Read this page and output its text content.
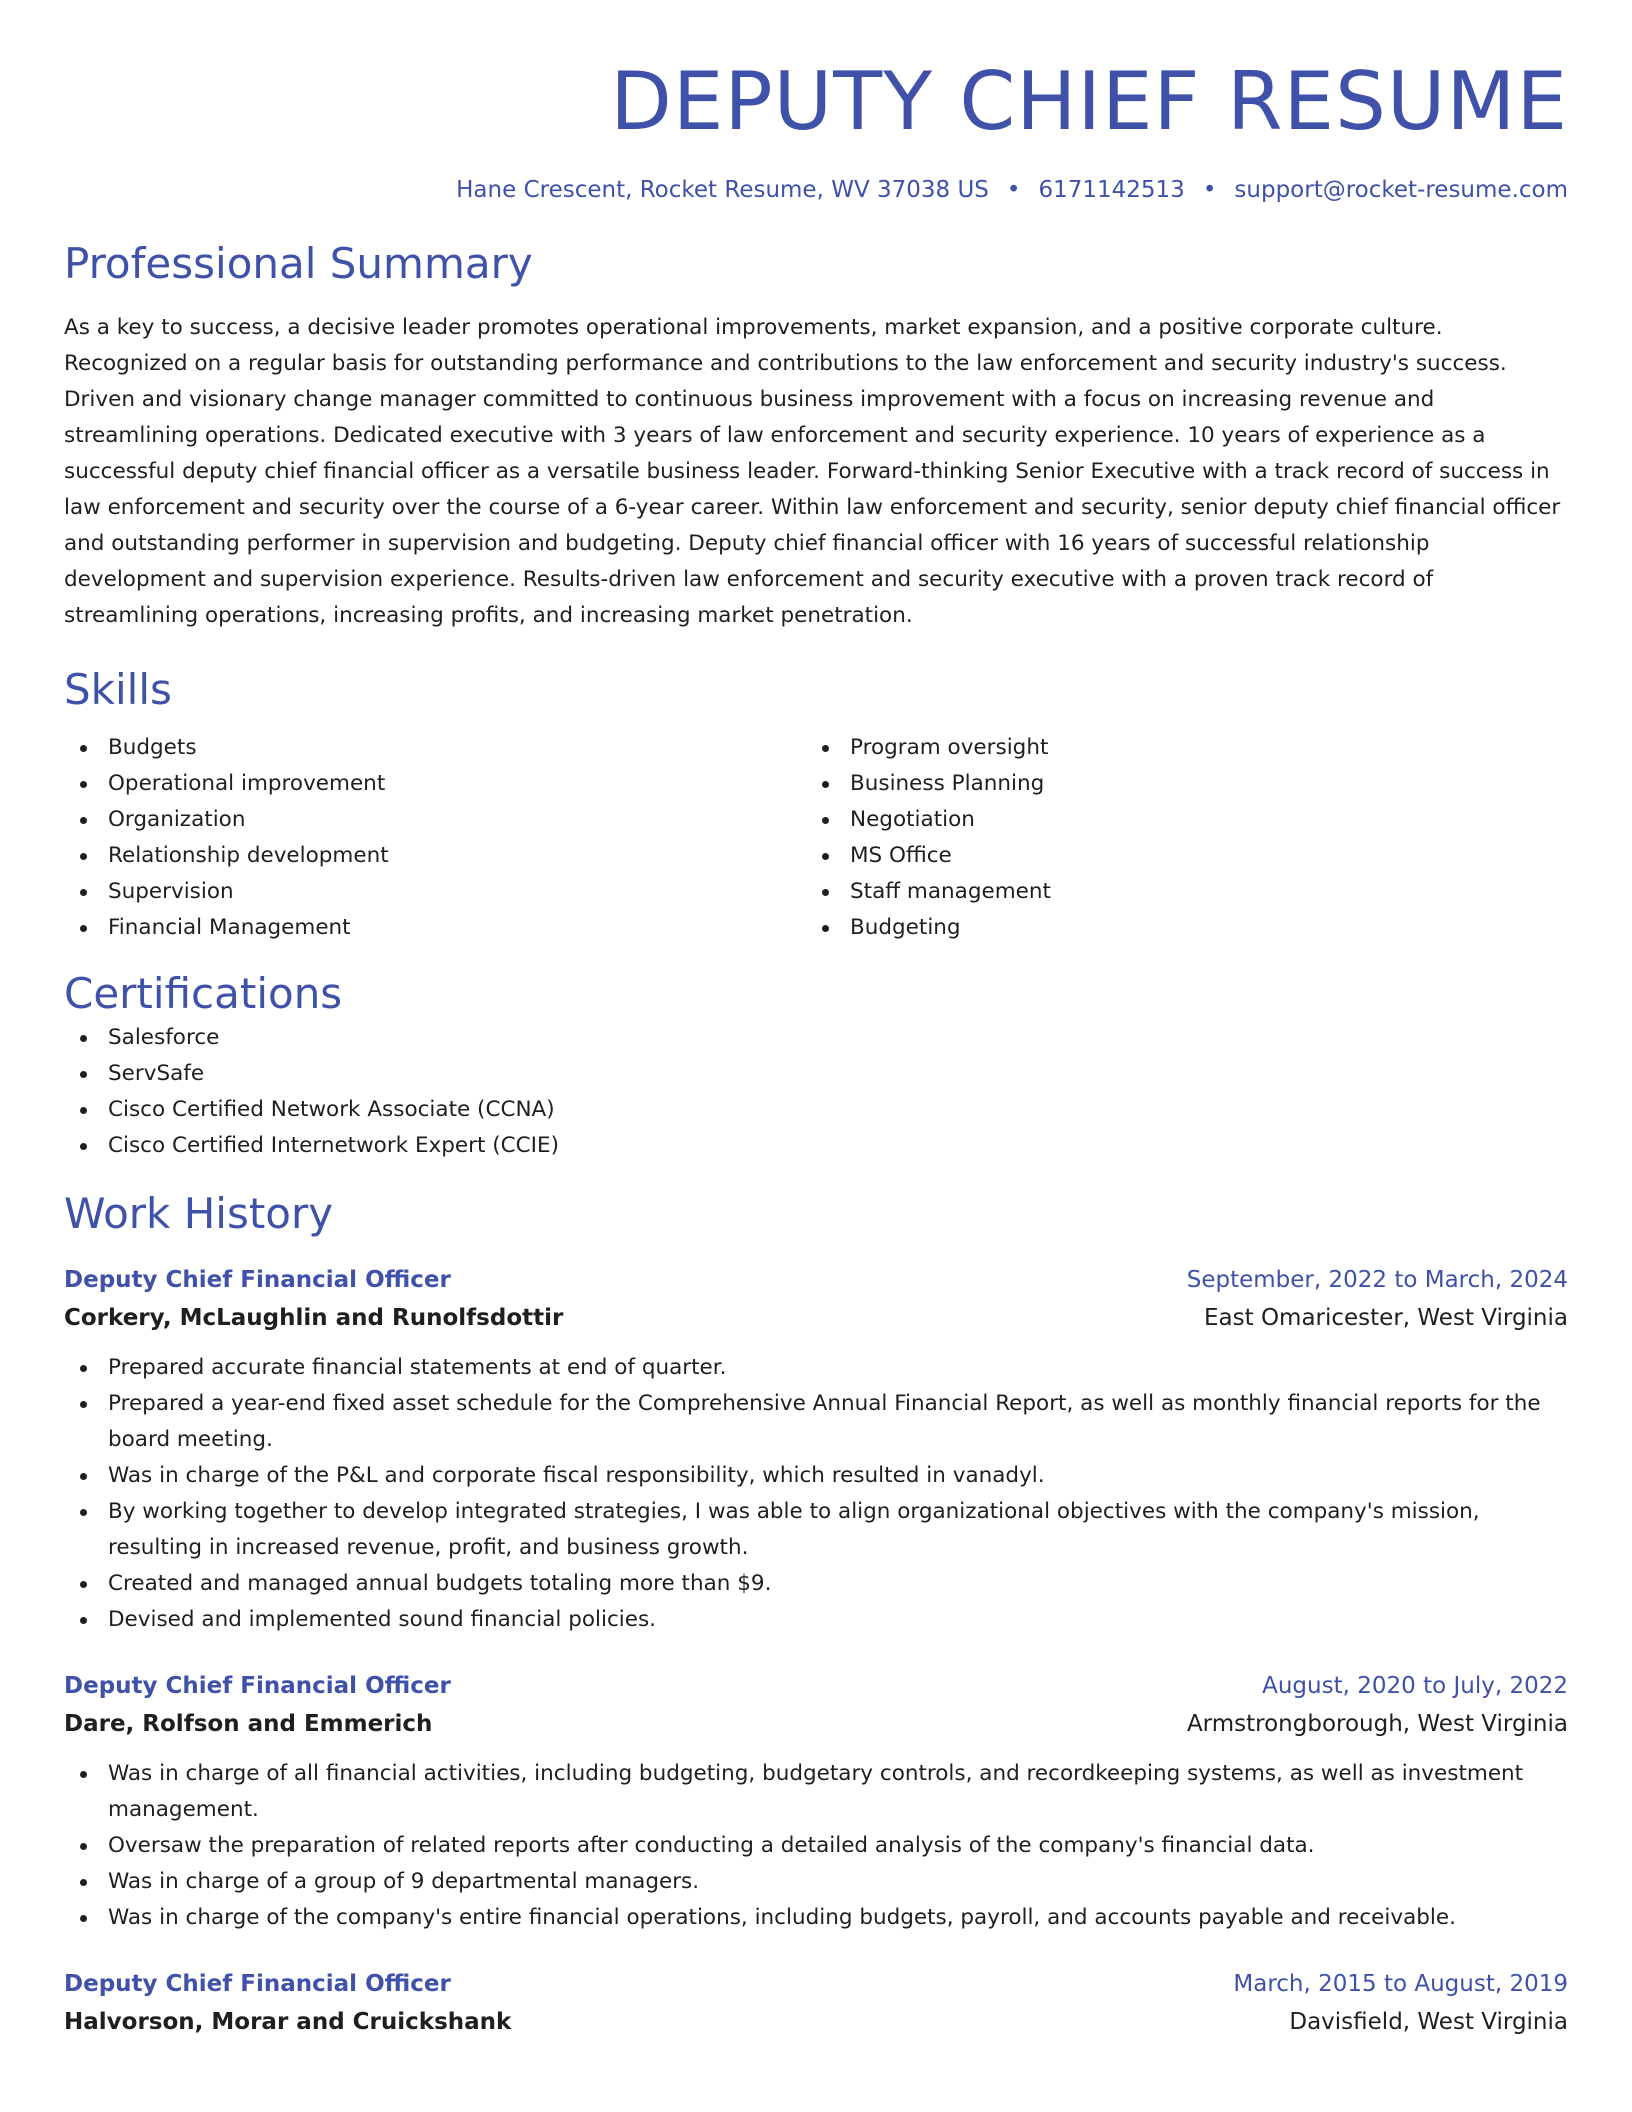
DEPUTY CHIEF RESUME
Hane Crescent, Rocket Resume, WV 37038 US • 6171142513 • support@rocket-resume.com
Professional Summary

As a key to success, a decisive leader promotes operational improvements, market expansion, and a positive corporate culture. Recognized on a regular basis for outstanding performance and contributions to the law enforcement and security industry's success. Driven and visionary change manager committed to continuous business improvement with a focus on increasing revenue and streamlining operations. Dedicated executive with 3 years of law enforcement and security experience. 10 years of experience as a successful deputy chief financial officer as a versatile business leader. Forward-thinking Senior Executive with a track record of success in law enforcement and security over the course of a 6-year career. Within law enforcement and security, senior deputy chief financial officer and outstanding performer in supervision and budgeting. Deputy chief financial officer with 16 years of successful relationship development and supervision experience. Results-driven law enforcement and security executive with a proven track record of streamlining operations, increasing profits, and increasing market penetration.

Skills
Budgets
Operational improvement
Organization
Relationship development
Supervision
Financial Management
Program oversight
Business Planning
Negotiation
MS Office
Staff management
Budgeting
Certifications
Salesforce
ServSafe
Cisco Certified Network Associate (CCNA)
Cisco Certified Internetwork Expert (CCIE)
Work History
Deputy Chief Financial Officer	September, 2022 to March, 2024
Corkery, McLaughlin and Runolfsdottir	East Omaricester, West Virginia
Prepared accurate financial statements at end of quarter.
Prepared a year-end fixed asset schedule for the Comprehensive Annual Financial Report, as well as monthly financial reports for the board meeting.
Was in charge of the P&L and corporate fiscal responsibility, which resulted in vanadyl.
By working together to develop integrated strategies, I was able to align organizational objectives with the company's mission, resulting in increased revenue, profit, and business growth.
Created and managed annual budgets totaling more than $9.
Devised and implemented sound financial policies.
Deputy Chief Financial Officer	August, 2020 to July, 2022
Dare, Rolfson and Emmerich	Armstrongborough, West Virginia
Was in charge of all financial activities, including budgeting, budgetary controls, and recordkeeping systems, as well as investment management.
Oversaw the preparation of related reports after conducting a detailed analysis of the company's financial data.
Was in charge of a group of 9 departmental managers.
Was in charge of the company's entire financial operations, including budgets, payroll, and accounts payable and receivable.
Deputy Chief Financial Officer	March, 2015 to August, 2019
Halvorson, Morar and Cruickshank	Davisfield, West Virginia
